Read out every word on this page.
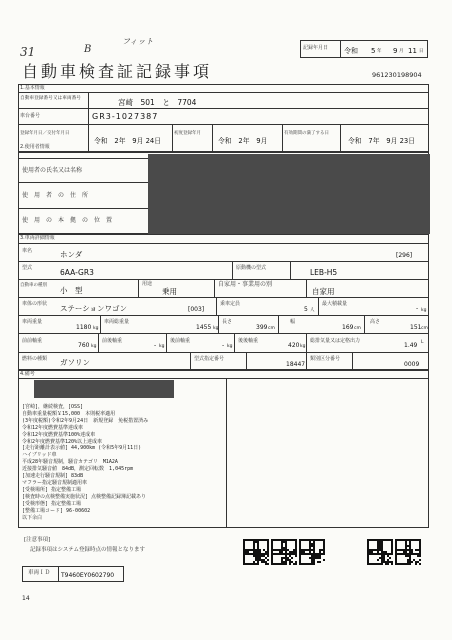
31	B
フィット
記録年月日 令和 5 年 9 月 11 日
自動車検査証記録事項	961230198904
1.基本情報
自動車登録番号又は車両番号	宮崎　501　と　7704
車台番号	GR3-1027387
登録年月日／交付年月日
令和　2年　9月 24日
初度登録年月
令和　2年　9月
有効期間の満了する日
令和　7年　9月 23日
2.使用者情報
使用者の氏名又は名称
使　用　者　の　住　所
使　用　の　本　拠　の　位　置
3.車両詳細情報
車名	ホンダ	[296]
型式	6AA-GR3	原動機の型式	LEB-H5
自動車の種別
小　型
用途
乗用
自家用・事業用の別
自家用
車体の形状 ステーションワゴン	[003]
乗車定員
5 人
最大積載量
- kg
車両重量
1180 kg
車両総重量
1455 kg
長さ
399 cm
幅
169 cm
高さ
151 cm
前前軸重
760 kg
前後軸重
- kg
後前軸重
- kg
後後軸重
420 kg
総排気量又は定格出力
1.49 L
燃料の種類 ガソリン	型式指定番号
18447
類別区分番号
0009
4.備考
[宮崎]，継続検査，[OSS]
自動車重量税額￥15,000　本則税率適用
(3年度税額)令和2年9月24日　新規登録　免税措置済み
令和12年度燃費基準達成車
令和12年度燃費基準100%達成車
令和2年度燃費基準120%以上達成車
[走行距離計表示値] 44,900km (令和5年9月11日)
ハイブリッド車
平成28年騒音規制，騒音カテゴリ　M1A2A
近接排気騒音値　84dB，測定回転数　1,045rpm
[加速走行騒音規制] 83dB
マフラー指定騒音規制適用車
[受検場所] 指定整備工場
[検査時の点検整備実施状況] 点検整備記録簿記載あり
[受検形態] 指定整備工場
[整備工場コード] 96-00602
以下余白
[注意事項]
記録事項はシステム登録時点の情報となります
車両ＩＤ T9460EY0602790
14
